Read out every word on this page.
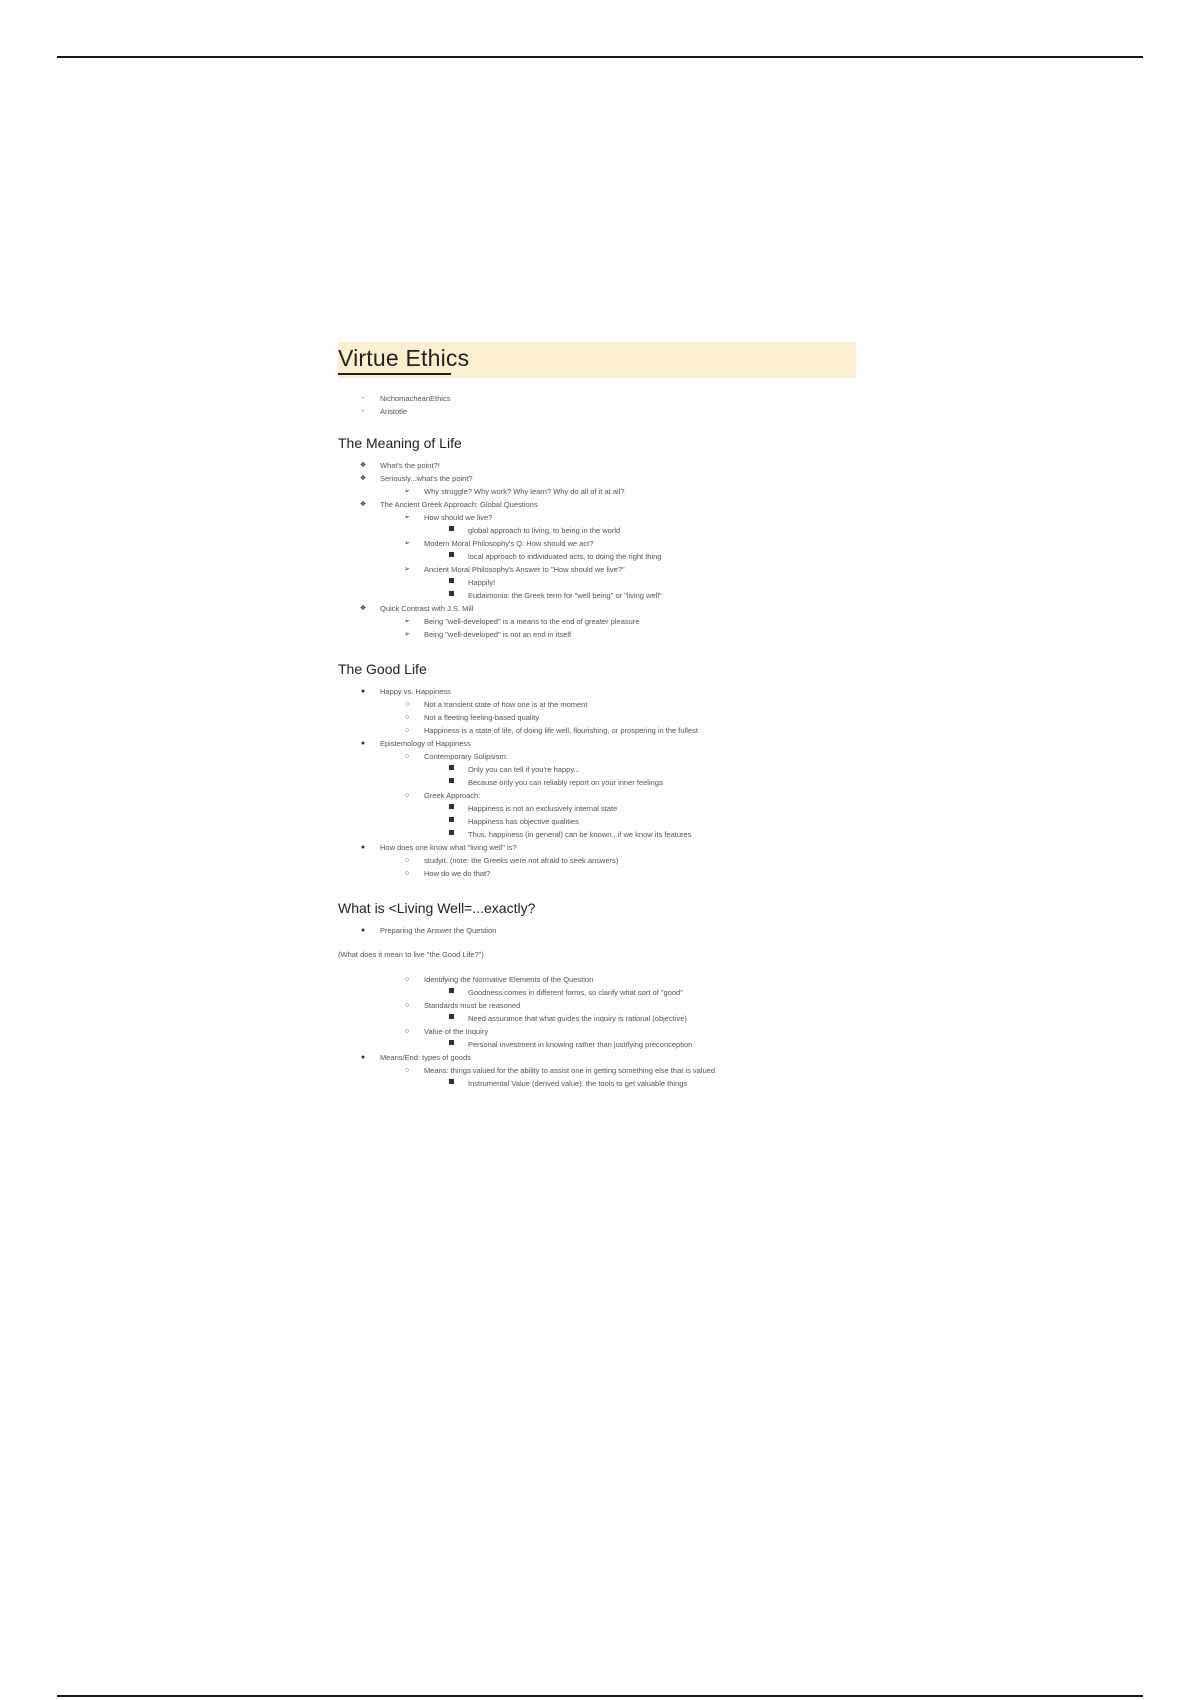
Virtue Ethics
-	NichomacheanEthics
-	Aristotle
The Meaning of Life
❖ What's the point?!
❖ Seriously...what's the point?
➢ Why struggle? Why work? Why learn? Why do all of it at all?
❖ The Ancient Greek Approach: Global Questions
➢ How should we live?
global approach to living, to being in the world
➢ Modern Moral Philosophy's Q: How should we act?
local approach to individuated acts, to doing the right thing
➢ Ancient Moral Philosophy's Answer to "How should we live?"
Happily!
Eudaimonia: the Greek term for "well being" or "living well"
❖ Quick Contrast with J.S. Mill
➢ Being "well-developed" is a means to the end of greater pleasure
➢ Being "well-developed" is not an end in itself
The Good Life
●	Happy vs. Happiness
○	Not a transient state of how one is at the moment
○	Not a fleeting feeling-based quality
○	Happiness is a state of life, of doing life well, flourishing, or prospering in the fullest
●	Epistemology of Happiness
○	Contemporary Solipsism:
Only you can tell if you're happy...
Because only you can reliably report on your inner feelings
○	Greek Approach:
Happiness is not an exclusively internal state
Happiness has objective qualities
Thus, happiness (in general) can be known...if we know its features
●	How does one know what "living well" is?
○	studyit. (note: the Greeks were not afraid to seek answers)
○	How do we do that?
What is <Living Well=...exactly?
●	Preparing the Answer the Question
(What does it mean to live "the Good Life?")
○	Identifying the Normative Elements of the Question
Goodness comes in different forms, so clarify what sort of "good"
○	Standards must be reasoned
Need assurance that what guides the inquiry is rational (objective)
○	Value of the Inquiry
Personal investment in knowing rather than justifying preconception
●	Means/End: types of goods
○	Means: things valued for the ability to assist one in getting something else that is valued
Instrumental Value (derived value): the tools to get valuable things
